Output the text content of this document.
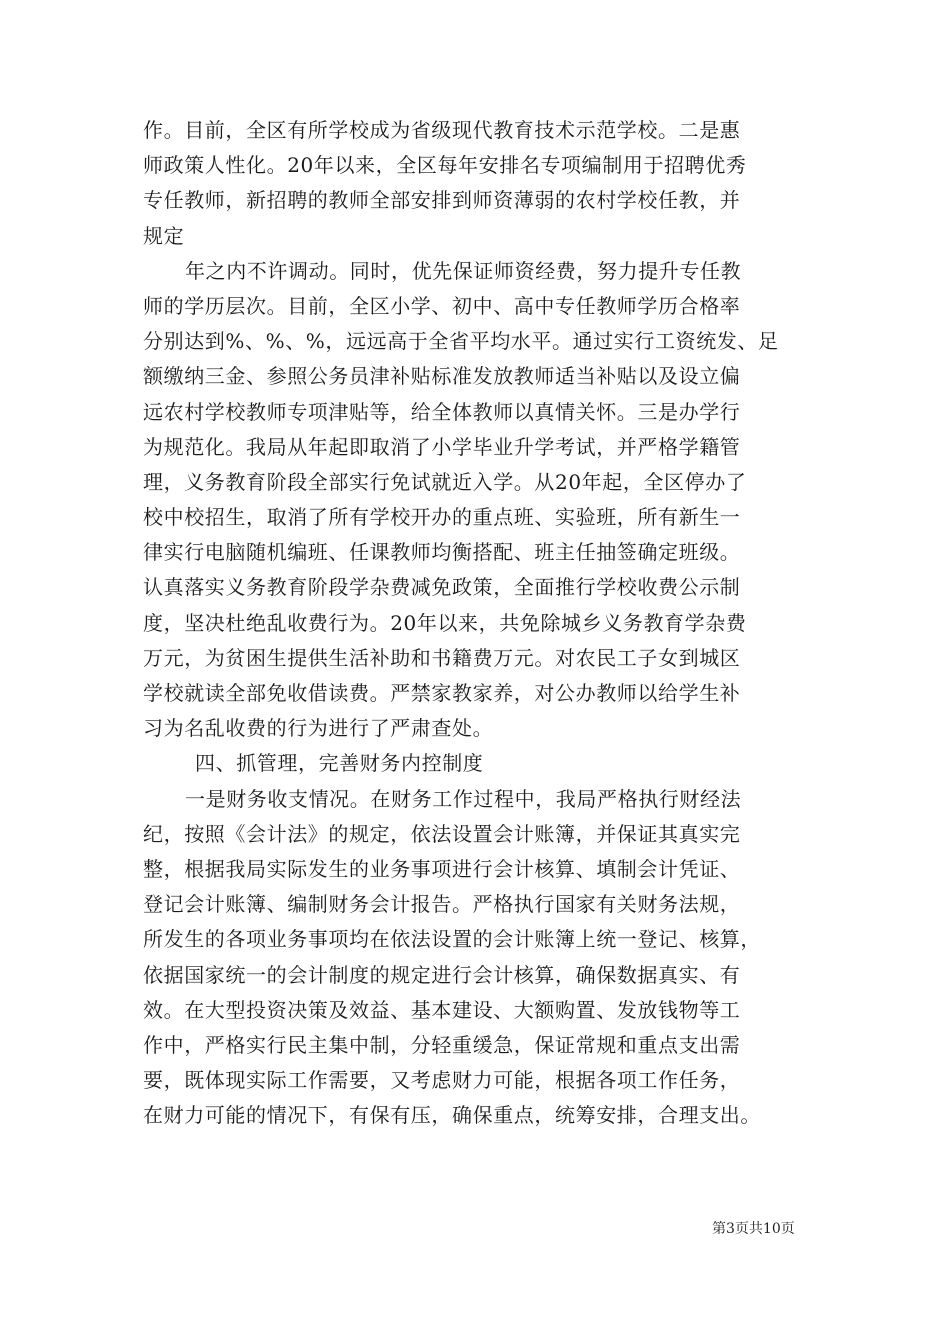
作。目前，全区有所学校成为省级现代教育技术示范学校。二是惠
师政策人性化。20年以来，全区每年安排名专项编制用于招聘优秀
专任教师，新招聘的教师全部安排到师资薄弱的农村学校任教，并
规定
年之内不许调动。同时，优先保证师资经费，努力提升专任教
师的学历层次。目前，全区小学、初中、高中专任教师学历合格率
分别达到%、%、%，远远高于全省平均水平。通过实行工资统发、足
额缴纳三金、参照公务员津补贴标准发放教师适当补贴以及设立偏
远农村学校教师专项津贴等，给全体教师以真情关怀。三是办学行
为规范化。我局从年起即取消了小学毕业升学考试，并严格学籍管
理，义务教育阶段全部实行免试就近入学。从20年起，全区停办了
校中校招生，取消了所有学校开办的重点班、实验班，所有新生一
律实行电脑随机编班、任课教师均衡搭配、班主任抽签确定班级。
认真落实义务教育阶段学杂费减免政策，全面推行学校收费公示制
度，坚决杜绝乱收费行为。20年以来，共免除城乡义务教育学杂费
万元，为贫困生提供生活补助和书籍费万元。对农民工子女到城区
学校就读全部免收借读费。严禁家教家养，对公办教师以给学生补
习为名乱收费的行为进行了严肃查处。
四、抓管理，完善财务内控制度
一是财务收支情况。在财务工作过程中，我局严格执行财经法
纪，按照《会计法》的规定，依法设置会计账簿，并保证其真实完
整，根据我局实际发生的业务事项进行会计核算、填制会计凭证、
登记会计账簿、编制财务会计报告。严格执行国家有关财务法规，
所发生的各项业务事项均在依法设置的会计账簿上统一登记、核算，
依据国家统一的会计制度的规定进行会计核算，确保数据真实、有
效。在大型投资决策及效益、基本建设、大额购置、发放钱物等工
作中，严格实行民主集中制，分轻重缓急，保证常规和重点支出需
要，既体现实际工作需要，又考虑财力可能，根据各项工作任务，
在财力可能的情况下，有保有压，确保重点，统筹安排，合理支出。
第3页共10页
